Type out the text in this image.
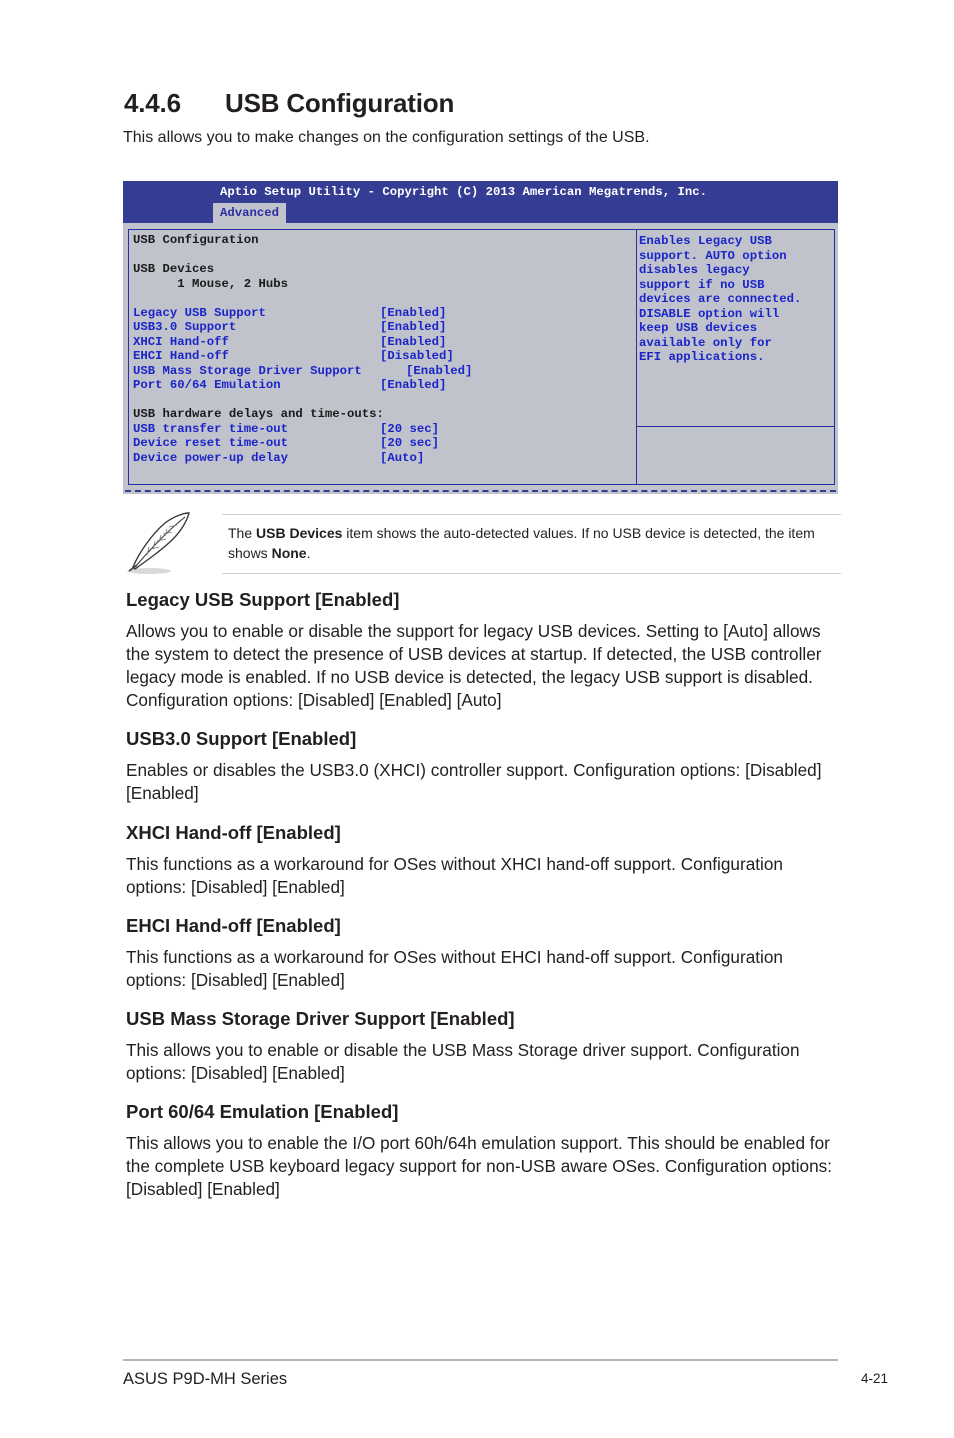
4.4.6 USB Configuration

This allows you to make changes on the configuration settings of the USB.

Aptio Setup Utility - Copyright (C) 2013 American Megatrends, Inc.
Advanced
USB Configuration
USB Devices
1 Mouse, 2 Hubs
Legacy USB Support	[Enabled]
USB3.0 Support	[Enabled]
XHCI Hand-off	[Enabled]
EHCI Hand-off	[Disabled]
USB Mass Storage Driver Support	[Enabled]
Port 60/64 Emulation	[Enabled]
USB hardware delays and time-outs:
USB transfer time-out	[20 sec]
Device reset time-out	[20 sec]
Device power-up delay	[Auto]
Enables Legacy USB
support. AUTO option
disables legacy
support if no USB
devices are connected.
DISABLE option will
keep USB devices
available only for
EFI applications.

The USB Devices item shows the auto-detected values. If no USB device is detected, the item shows None.

Legacy USB Support [Enabled]

Allows you to enable or disable the support for legacy USB devices. Setting to [Auto] allows the system to detect the presence of USB devices at startup. If detected, the USB controller legacy mode is enabled. If no USB device is detected, the legacy USB support is disabled. Configuration options: [Disabled] [Enabled] [Auto]

USB3.0 Support [Enabled]

Enables or disables the USB3.0 (XHCI) controller support. Configuration options: [Disabled] [Enabled]

XHCI Hand-off [Enabled]

This functions as a workaround for OSes without XHCI hand-off support. Configuration options: [Disabled] [Enabled]

EHCI Hand-off [Enabled]

This functions as a workaround for OSes without EHCI hand-off support. Configuration options: [Disabled] [Enabled]

USB Mass Storage Driver Support [Enabled]

This allows you to enable or disable the USB Mass Storage driver support. Configuration options: [Disabled] [Enabled]

Port 60/64 Emulation [Enabled]

This allows you to enable the I/O port 60h/64h emulation support. This should be enabled for the complete USB keyboard legacy support for non-USB aware OSes. Configuration options: [Disabled] [Enabled]

ASUS P9D-MH Series	4-21
